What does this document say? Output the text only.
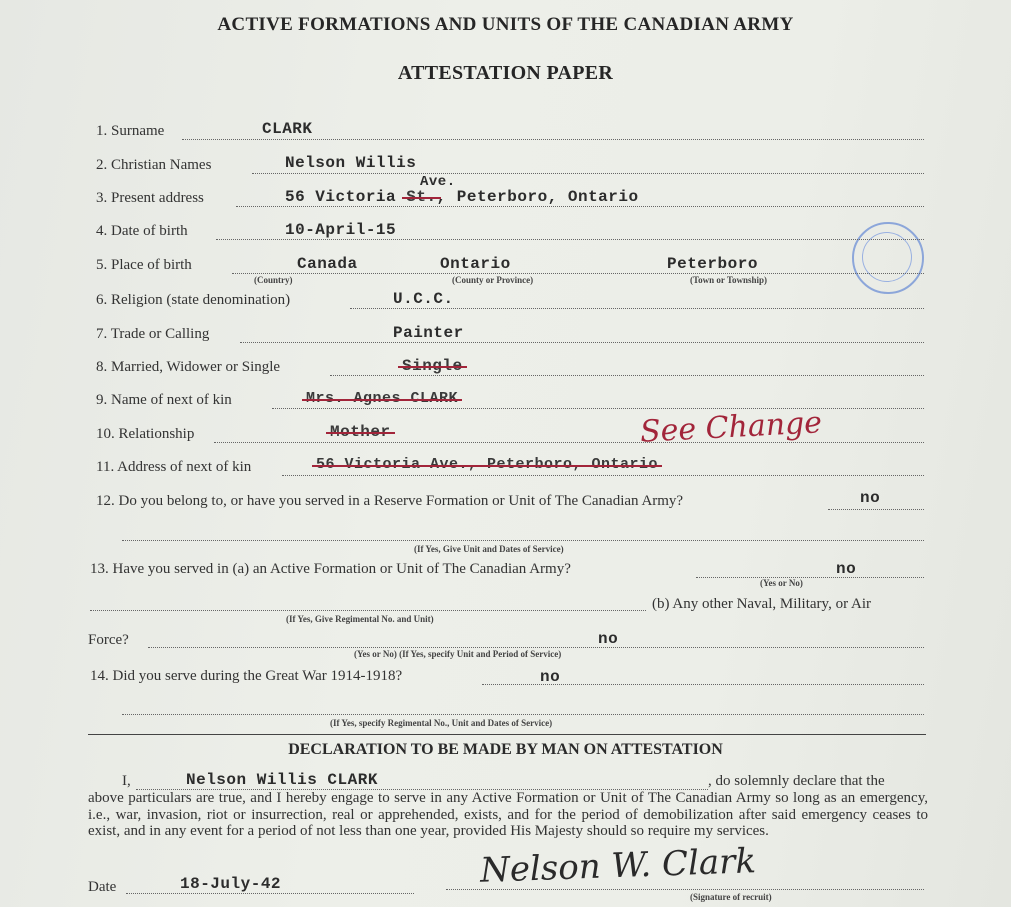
ACTIVE FORMATIONS AND UNITS OF THE CANADIAN ARMY
ATTESTATION PAPER
1. Surname	CLARK
2. Christian Names	Nelson Willis
3. Present address	56 Victoria St., Peterboro, Ontario
Ave.
4. Date of birth	10-April-15
5. Place of birth	Canada	Ontario	Peterboro
(Country)	(County or Province)	(Town or Township)
6. Religion (state denomination)	U.C.C.
7. Trade or Calling	Painter
8. Married, Widower or Single	Single
9. Name of next of kin	Mrs. Agnes CLARK
10. Relationship	Mother	See Change
11. Address of next of kin	56 Victoria Ave., Peterboro, Ontario
12. Do you belong to, or have you served in a Reserve Formation or Unit of The Canadian Army?	no
(If Yes, Give Unit and Dates of Service)
13. Have you served in (a) an Active Formation or Unit of The Canadian Army?	no
(Yes or No)
(b) Any other Naval, Military, or Air
(If Yes, Give Regimental No. and Unit)
Force?	no
(Yes or No) (If Yes, specify Unit and Period of Service)
14. Did you serve during the Great War 1914-1918?	no
(If Yes, specify Regimental No., Unit and Dates of Service)
DECLARATION TO BE MADE BY MAN ON ATTESTATION
I,	Nelson Willis CLARK	, do solemnly declare that the
above particulars are true, and I hereby engage to serve in any Active Formation or Unit of The Canadian Army so long as an emergency, i.e., war, invasion, riot or insurrection, real or apprehended, exists, and for the period of demobilization after said emergency ceases to exist, and in any event for a period of not less than one year, provided His Majesty should so require my services.
Date	18-July-42	Nelson W. Clark
(Signature of recruit)
